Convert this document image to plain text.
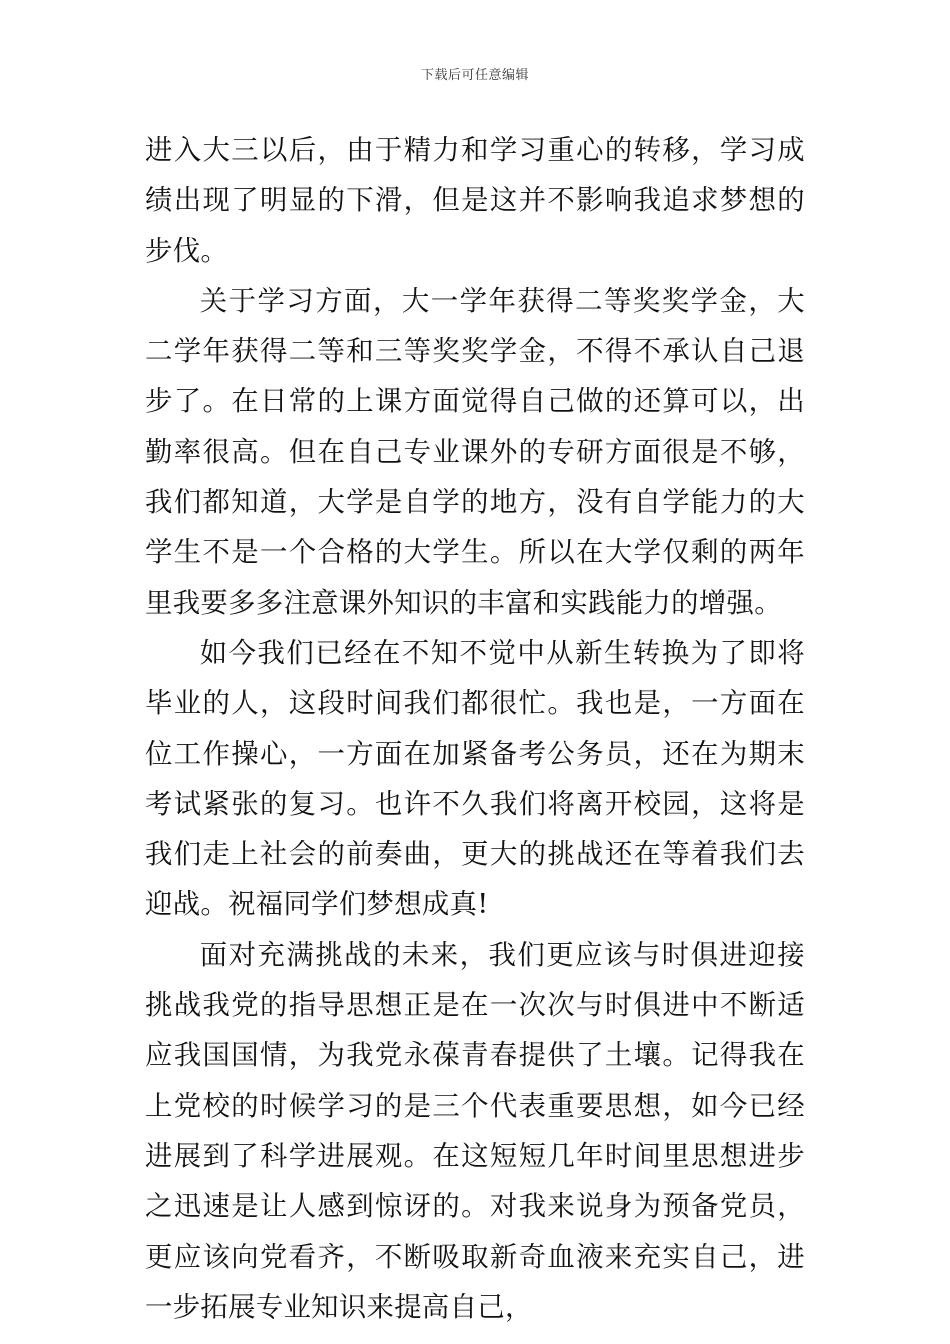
下载后可任意编辑

进入大三以后，由于精力和学习重心的转移，学习成绩出现了明显的下滑，但是这并不影响我追求梦想的步伐。

关于学习方面，大一学年获得二等奖奖学金，大二学年获得二等和三等奖奖学金，不得不承认自己退步了。在日常的上课方面觉得自己做的还算可以，出勤率很高。但在自己专业课外的专研方面很是不够，我们都知道，大学是自学的地方，没有自学能力的大学生不是一个合格的大学生。所以在大学仅剩的两年里我要多多注意课外知识的丰富和实践能力的增强。

如今我们已经在不知不觉中从新生转换为了即将毕业的人，这段时间我们都很忙。我也是，一方面在位工作操心，一方面在加紧备考公务员，还在为期末考试紧张的复习。也许不久我们将离开校园，这将是我们走上社会的前奏曲，更大的挑战还在等着我们去迎战。祝福同学们梦想成真!

面对充满挑战的未来，我们更应该与时俱进迎接挑战我党的指导思想正是在一次次与时俱进中不断适应我国国情，为我党永葆青春提供了土壤。记得我在上党校的时候学习的是三个代表重要思想，如今已经进展到了科学进展观。在这短短几年时间里思想进步之迅速是让人感到惊讶的。对我来说身为预备党员，更应该向党看齐，不断吸取新奇血液来充实自己，进一步拓展专业知识来提高自己，
